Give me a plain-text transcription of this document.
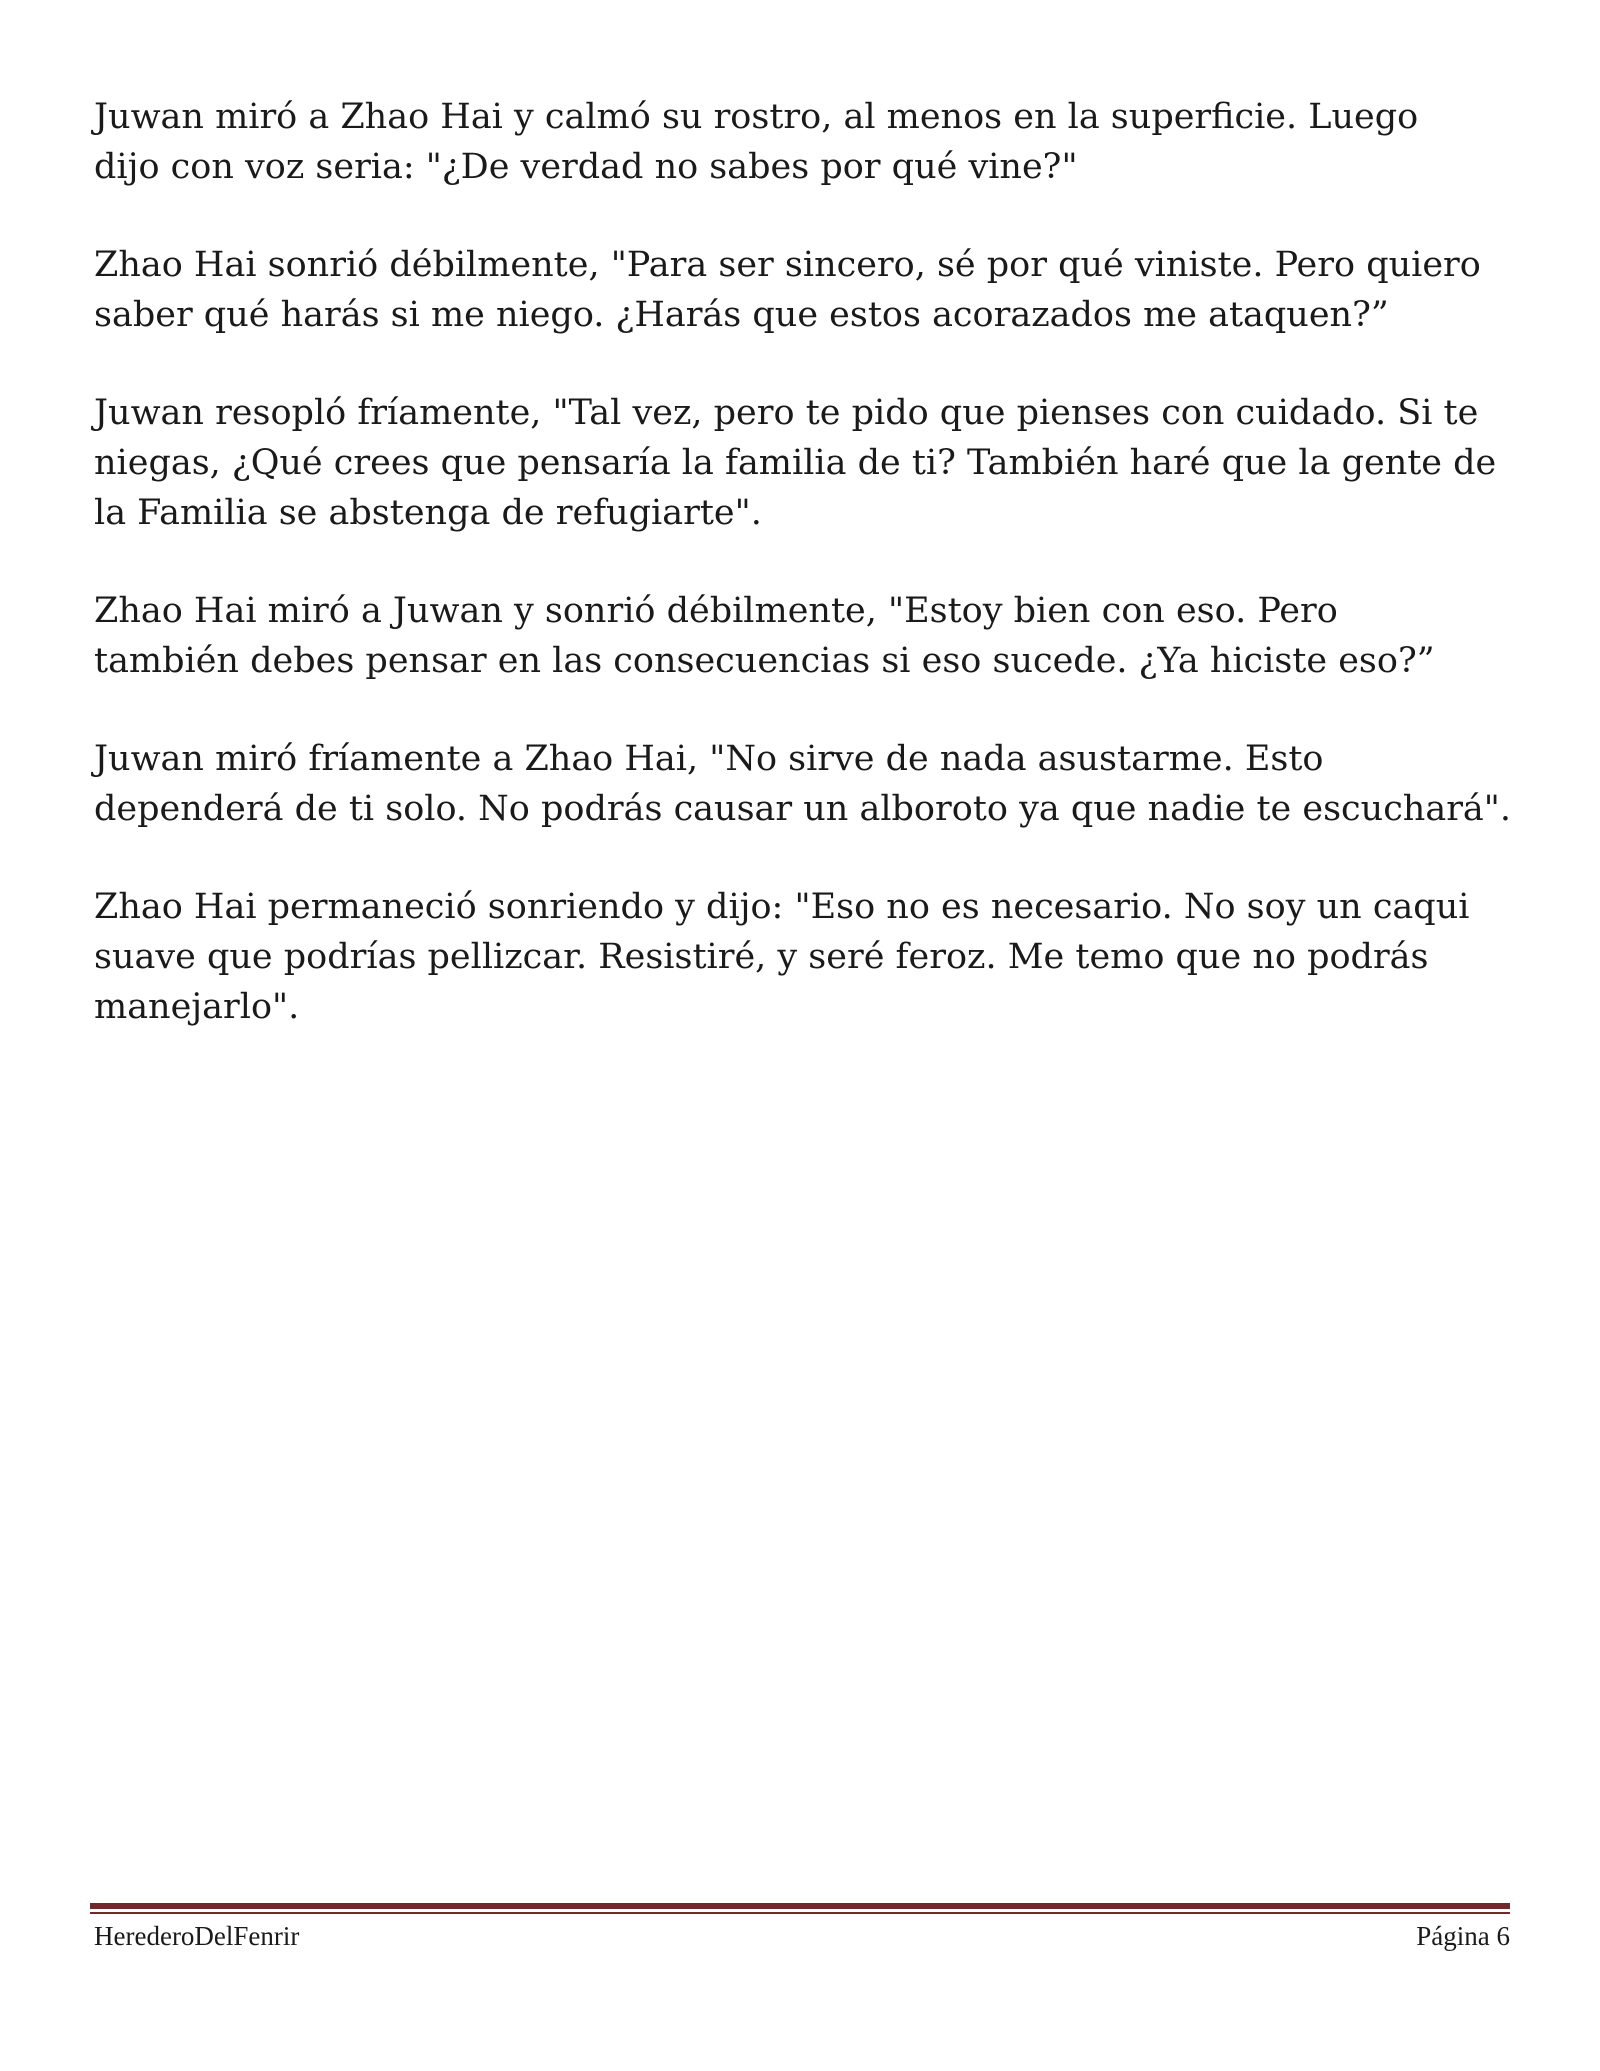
Juwan miró a Zhao Hai y calmó su rostro, al menos en la superficie. Luego
dijo con voz seria: "¿De verdad no sabes por qué vine?"

Zhao Hai sonrió débilmente, "Para ser sincero, sé por qué viniste. Pero quiero
saber qué harás si me niego. ¿Harás que estos acorazados me ataquen?”

Juwan resopló fríamente, "Tal vez, pero te pido que pienses con cuidado. Si te
niegas, ¿Qué crees que pensaría la familia de ti? También haré que la gente de
la Familia se abstenga de refugiarte".

Zhao Hai miró a Juwan y sonrió débilmente, "Estoy bien con eso. Pero
también debes pensar en las consecuencias si eso sucede. ¿Ya hiciste eso?”

Juwan miró fríamente a Zhao Hai, "No sirve de nada asustarme. Esto
dependerá de ti solo. No podrás causar un alboroto ya que nadie te escuchará".

Zhao Hai permaneció sonriendo y dijo: "Eso no es necesario. No soy un caqui
suave que podrías pellizcar. Resistiré, y seré feroz. Me temo que no podrás
manejarlo".

HerederoDelFenrir	Página 6
